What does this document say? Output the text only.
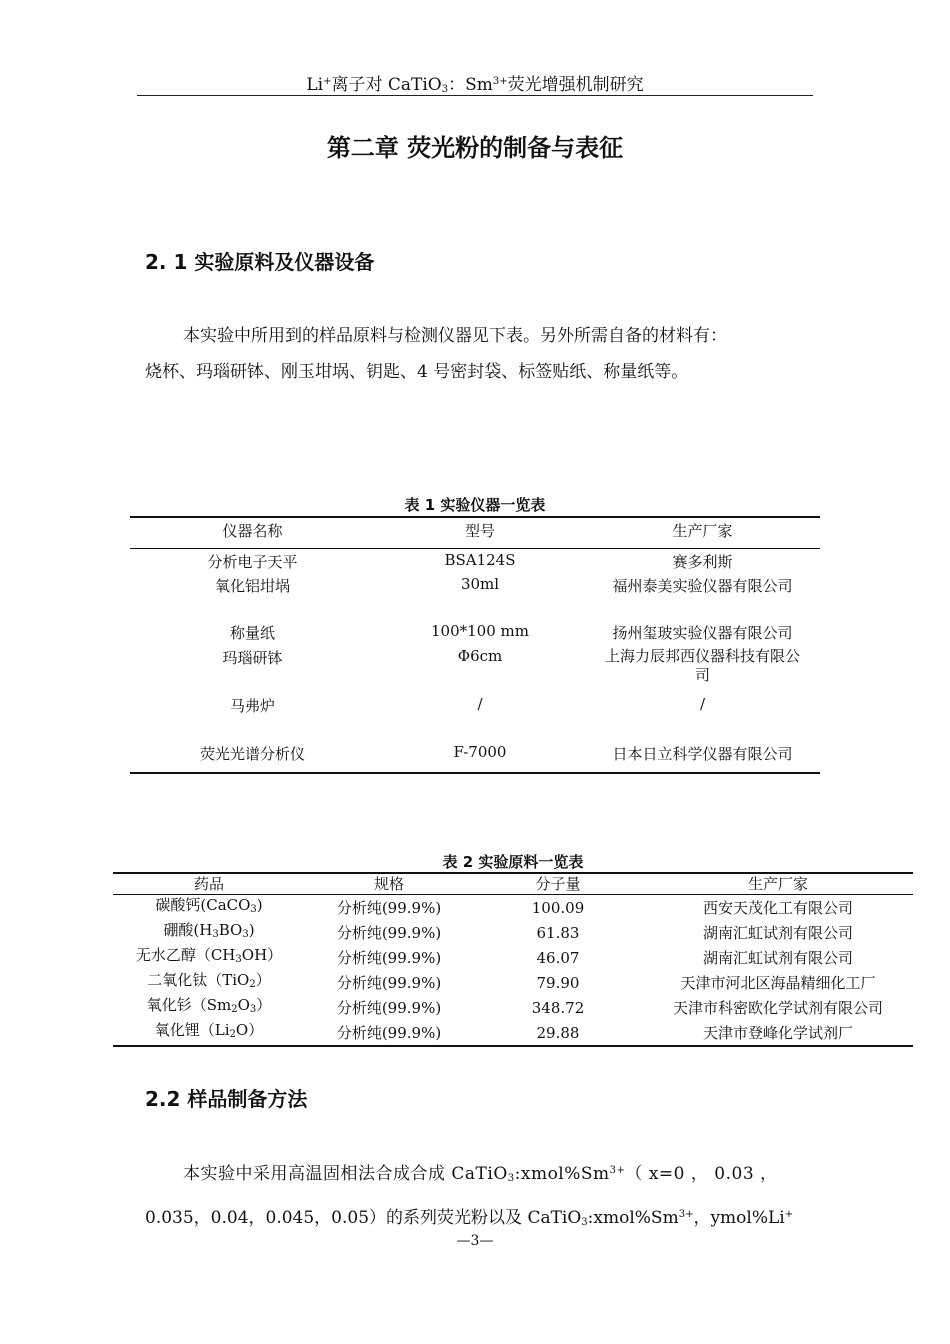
Li+离子对 CaTiO$_3$：$Sm^{3+}$荧光增强机制研究
第二章 荧光粉的制备与表征
2. 1 实验原料及仪器设备
本实验中所用到的样品原料与检测仪器见下表。另外所需自备的材料有：
烧杯、玛瑙研钵、刚玉坩埚、钥匙、4 号密封袋、标签贴纸、称量纸等。
表 1 实验仪器一览表
仪器名称	型号	生产厂家
分析电子天平	BSA124S	赛多利斯
氧化铝坩埚	30ml	福州泰美实验仪器有限公司
称量纸	100*100 mm	扬州玺玻实验仪器有限公司
玛瑙研钵	Φ6cm	上海力辰邦西仪器科技有限公司

马弗炉	/	/
荧光光谱分析仪	F-7000	日本日立科学仪器有限公司
表 2 实验原料一览表
药品	规格	分子量	生产厂家
碳酸钙(CaCO$_3$)	分析纯(99.9%)	100.09	西安天茂化工有限公司
硼酸$(H_3BO_3)$	分析纯(99.9%)	61.83	湖南汇虹试剂有限公司
无水乙醇$(CH_3OH)$	分析纯(99.9%)	46.07	湖南汇虹试剂有限公司
二氧化钛（TiO$_2$）	分析纯(99.9%)	79.90	天津市河北区海晶精细化工厂
氧化钐$(Sm_2O_3)$	分析纯(99.9%)	348.72	天津市科密欧化学试剂有限公司
氧化锂$(Li_2O)$	分析纯(99.9%)	29.88	天津市登峰化学试剂厂
2.2 样品制备方法
本实验中采用高温固相法合成合成 $CaTiO_3:xmol\%Sm^{3+}$（ x=0 ， 0.03 ，
0.035，0.04，0.045，0.05）的系列荧光粉以及 $CaTiO_3:xmol\%Sm^{3+}$，ymol%Li+
—3—
